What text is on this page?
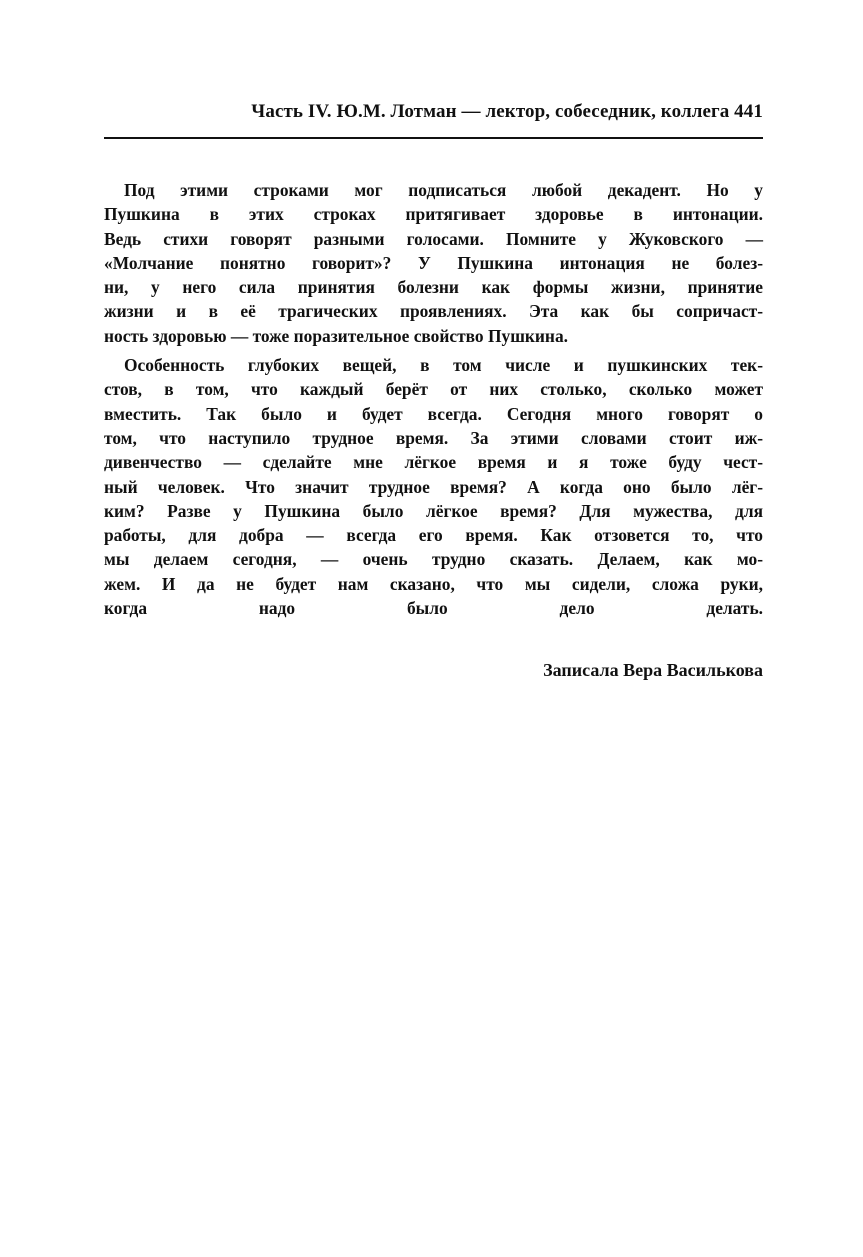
Часть IV. Ю.М. Лотман — лектор, собеседник, коллега 441
Под этими строками мог подписаться любой декадент. Но у
Пушкина в этих строках притягивает здоровье в интонации.
Ведь стихи говорят разными голосами. Помните у Жуковского —
«Молчание понятно говорит»? У Пушкина интонация не болез-
ни, у него сила принятия болезни как формы жизни, принятие
жизни и в её трагических проявлениях. Эта как бы сопричаст-
ность здоровью — тоже поразительное свойство Пушкина.
Особенность глубоких вещей, в том числе и пушкинских тек-
стов, в том, что каждый берёт от них столько, сколько может
вместить. Так было и будет всегда. Сегодня много говорят о
том, что наступило трудное время. За этими словами стоит иж-
дивенчество — сделайте мне лёгкое время и я тоже буду чест-
ный человек. Что значит трудное время? А когда оно было лёг-
ким? Разве у Пушкина было лёгкое время? Для мужества, для
работы, для добра — всегда его время. Как отзовется то, что
мы делаем сегодня, — очень трудно сказать. Делаем, как мо-
жем. И да не будет нам сказано, что мы сидели, сложа руки,
когда надо было дело делать.
Записала Вера Василькова
